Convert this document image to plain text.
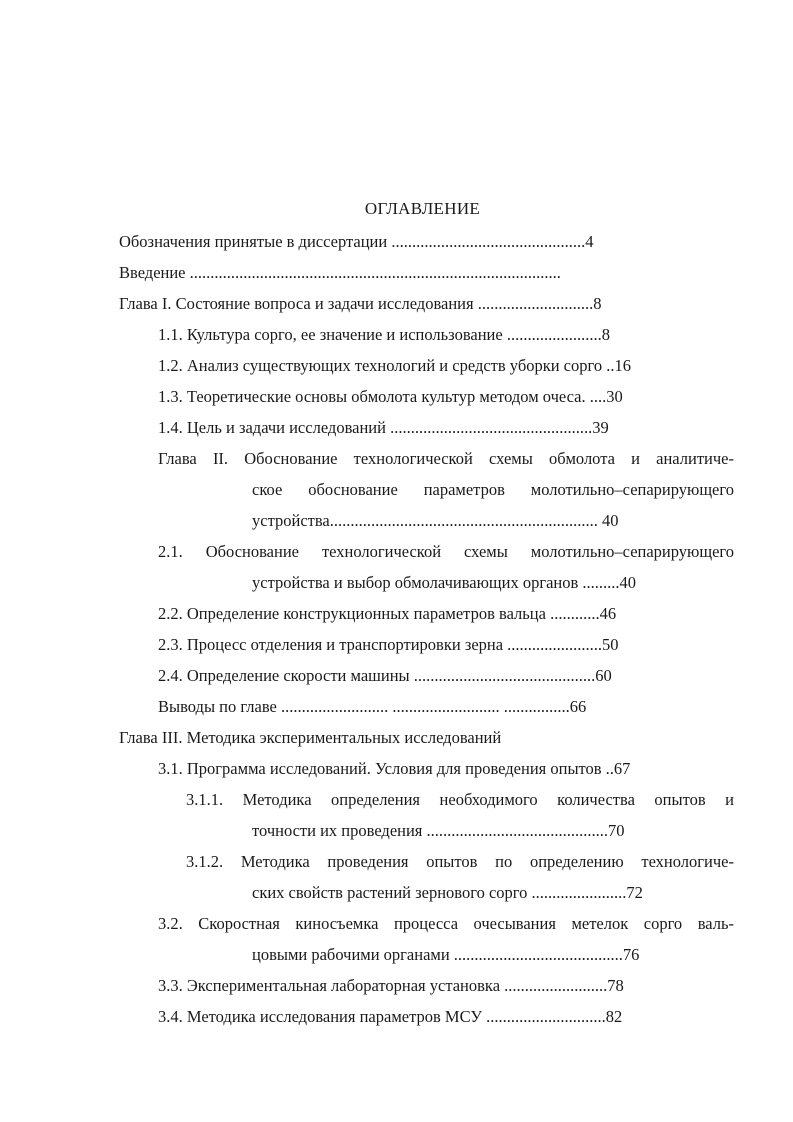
ОГЛАВЛЕНИЕ
Обозначения принятые в диссертации ...............................................4
Введение ..........................................................................................
Глава I. Состояние вопроса и задачи исследования ............................8
1.1. Культура сорго, ее значение и использование .......................8
1.2. Анализ существующих технологий и средств уборки сорго ..16
1.3. Теоретические основы обмолота культур методом очеса. ....30
1.4. Цель и задачи исследований .................................................39
Глава II. Обоснование технологической схемы обмолота и аналитиче-
ское обоснование параметров молотильно–сепарирующего
устройства................................................................. 40
2.1. Обоснование технологической схемы молотильно–сепарирующего
устройства и выбор обмолачивающих органов .........40
2.2. Определение конструкционных параметров вальца ............46
2.3. Процесс отделения и транспортировки зерна .......................50
2.4. Определение скорости машины ............................................60
Выводы по главе .......................... .......................... ................66
Глава III. Методика экспериментальных исследований
3.1. Программа исследований. Условия для проведения опытов ..67
3.1.1. Методика определения необходимого количества опытов и
точности их проведения ............................................70
3.1.2. Методика проведения опытов по определению технологиче-
ских свойств растений зернового сорго .......................72
3.2. Скоростная киносъемка процесса очесывания метелок сорго валь-
цовыми рабочими органами .........................................76
3.3. Экспериментальная лабораторная установка .........................78
3.4. Методика исследования параметров МСУ .............................82
